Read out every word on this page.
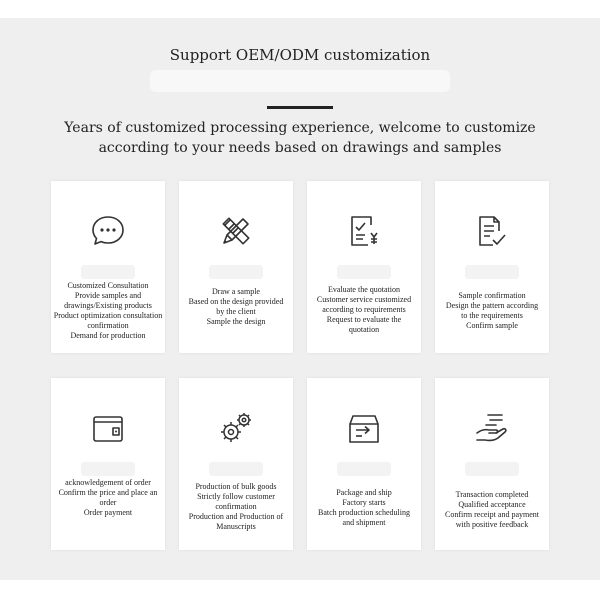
Support OEM/ODM customization
Years of customized processing experience, welcome to customize
according to your needs based on drawings and samples
Customized Consultation
Provide samples and
drawings/Existing products
Product optimization consultation
confirmation
Demand for production
Draw a sample
Based on the design provided
by the client
Sample the design
Evaluate the quotation
Customer service customized
according to requirements
Request to evaluate the
quotation
Sample confirmation
Design the pattern according
to the requirements
Confirm sample
acknowledgement of order
Confirm the price and place an
order
Order payment
Production of bulk goods
Strictly follow customer
confirmation
Production and Production of
Manuscripts
Package and ship
Factory starts
Batch production scheduling
and shipment
Transaction completed
Qualified acceptance
Confirm receipt and payment
with positive feedback
